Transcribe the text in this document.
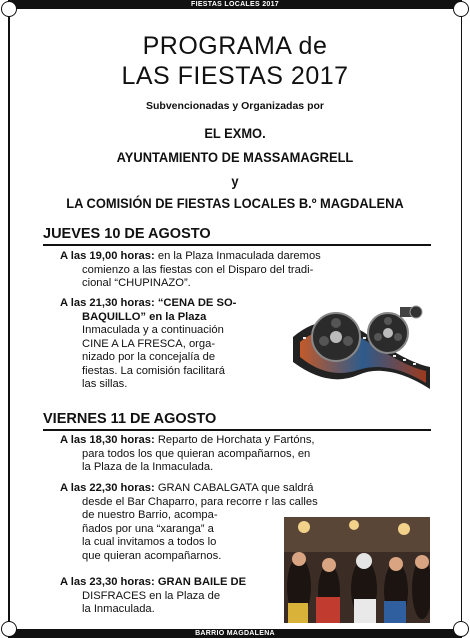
FIESTAS LOCALES 2017
BARRIO MAGDALENA
PROGRAMA de
LAS FIESTAS 2017
Subvencionadas y Organizadas por
EL EXMO.
AYUNTAMIENTO DE MASSAMAGRELL
y
LA COMISIÓN DE FIESTAS LOCALES B.º MAGDALENA
JUEVES 10 DE AGOSTO
A las 19,00 horas: en la Plaza Inmaculada daremos
comienzo a las fiestas con el Disparo del tradi-
cional “CHUPINAZO”.
A las 21,30 horas: “CENA DE SO-
BAQUILLO” en la Plaza
Inmaculada y a continuación
CINE A LA FRESCA, orga-
nizado por la concejalía de
fiestas. La comisión facilitará
las sillas.
VIERNES 11 DE AGOSTO
A las 18,30 horas: Reparto de Horchata y Fartóns,
para todos los que quieran acompañarnos, en
la Plaza de la Inmaculada.
A las 22,30 horas: GRAN CABALGATA que saldrá
desde el Bar Chaparro, para recorre r las calles
de nuestro Barrio, acompa-
ñados por una “xaranga” a
la cual invitamos a todos lo
que quieran acompañarnos.
A las 23,30 horas: GRAN BAILE DE
DISFRACES en la Plaza de
la Inmaculada.
